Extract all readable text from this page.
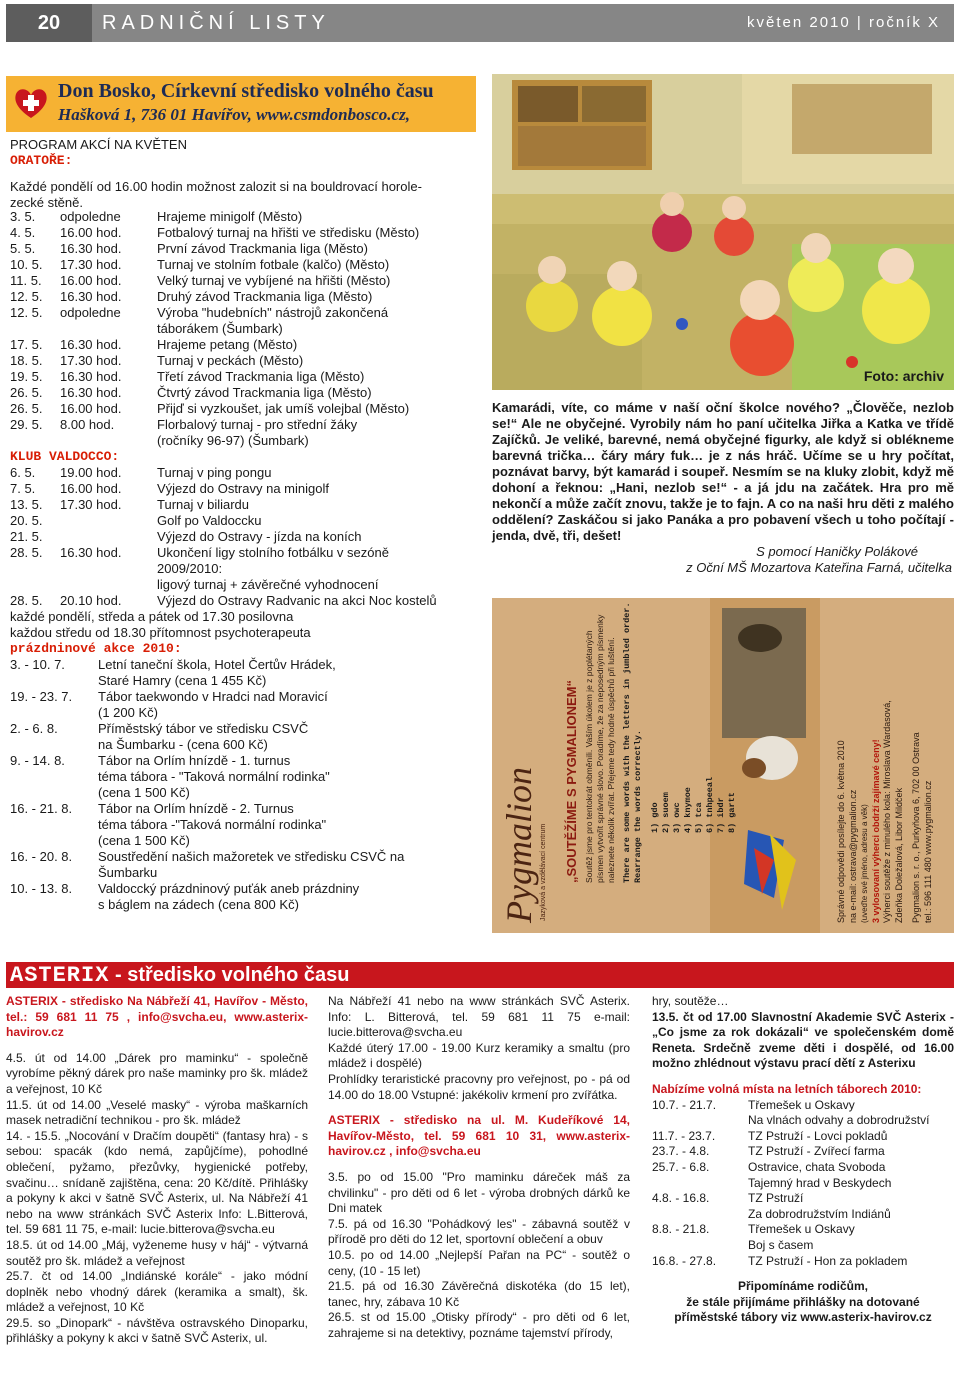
20	RADNIČNÍ LISTY	květen 2010 | ročník X
Don Bosko, Církevní středisko volného času
Hašková 1, 736 01 Havířov, www.csmdonbosco.cz,
PROGRAM AKCÍ NA KVĚTEN
ORATOŘE:
Každé pondělí od 16.00 hodin možnost zalozit si na bouldrovací horole-
zecké stěně.
3. 5. odpoledne	Hrajeme minigolf (Město)
4. 5. 16.00 hod.	Fotbalový turnaj na hřišti ve středisku (Město)
5. 5. 16.30 hod.	První závod Trackmania liga (Město)
10. 5. 17.30 hod.	Turnaj ve stolním fotbale (kalčo) (Město)
11. 5. 16.00 hod.	Velký turnaj ve vybíjené na hřišti (Město)
12. 5. 16.30 hod.	Druhý závod Trackmania liga (Město)
12. 5. odpoledne	Výroba "hudebních" nástrojů zakončená
táborákem (Šumbark)
17. 5. 16.30 hod.	Hrajeme petang (Město)
18. 5. 17.30 hod.	Turnaj v peckách (Město)
19. 5. 16.30 hod.	Třetí závod Trackmania liga (Město)
26. 5. 16.30 hod.	Čtvrtý závod Trackmania liga (Město)
26. 5. 16.00 hod.	Přijď si vyzkoušet, jak umíš volejbal (Město)
29. 5. 8.00 hod.	Florbalový turnaj - pro střední žáky
(ročníky 96-97) (Šumbark)
KLUB VALDOCCO:
6. 5. 19.00 hod.	Turnaj v ping pongu
7. 5. 16.00 hod.	Výjezd do Ostravy na minigolf
13. 5. 17.30 hod.	Turnaj v biliardu
20. 5.	Golf po Valdoccku
21. 5.	Výjezd do Ostravy - jízda na koních
28. 5. 16.30 hod.	Ukončení ligy stolního fotbálku v sezóně
2009/2010:
ligový turnaj + závěrečné vyhodnocení
28. 5. 20.10 hod.	Výjezd do Ostravy Radvanic na akci Noc kostelů
každé pondělí, středa a pátek od 17.30 posilovna
každou středu od 18.30 přítomnost psychoterapeuta
prázdninové akce 2010:
3. - 10. 7.	Letní taneční škola, Hotel Čertův Hrádek,
Staré Hamry (cena 1 455 Kč)
19. - 23. 7. Tábor taekwondo v Hradci nad Moravicí
(1 200 Kč)
2. - 6. 8.	Příměstský tábor ve středisku CSVČ
na Šumbarku - (cena 600 Kč)
9. - 14. 8.	Tábor na Orlím hnízdě - 1. turnus
téma tábora - "Taková normální rodinka"
(cena 1 500 Kč)
16. - 21. 8. Tábor na Orlím hnízdě - 2. Turnus
téma tábora -"Taková normální rodinka"
(cena 1 500 Kč)
16. - 20. 8. Soustředění našich mažoretek ve středisku CSVČ na
Šumbarku
10. - 13. 8. Valdoccký prázdninový puťák aneb prázdniny
s báglem na zádech (cena 800 Kč)
Foto: archiv
Kamarádi, víte, co máme v naší oční školce nového? „Člověče, nezlob se!“ Ale ne obyčejné. Vyrobily nám ho paní učitelka Jiřka a Katka ve třídě Zajíčků. Je veliké, barevné, nemá obyčejné figurky, ale když si oblékneme barevná trička… čáry máry fuk… je z nás hráč. Učíme se u hry počítat, poznávat barvy, být kamarád i soupeř. Nesmím se na kluky zlobit, když mě dohoní a řeknou: „Hani, nezlob se!“ - a já jdu na začátek. Hra pro mě nekončí a může začít znovu, takže je to fajn. A co na naši hru děti z malého oddělení? Zaskáčou si jako Panáka a pro pobavení všech u toho počítají - jenda, dvě, tři, dešet!
S pomocí Haničky Polákové
z Oční MŠ Mozartova Kateřina Farná, učitelka
Pygmalion Jazyková a vzdělávací centrum „SOUTĚŽÍME S PYGMALIONEM“ Soutěž jsme pro tentokrát obměnili. Vaším úkolem je z poplétaných písmen vytvořit správné slovo. Poradíme, že za neposedným písmenky naleznete několik zvířat. Přejeme tedy hodně úspěchů při luštění. There are some words with the letters in jumbled order. Rearrange the words correctly. 1) gdo 2) suoem 3) owc 4) knymoe 5) tca 6) tnhpeeal 7) ibdr 8) gartt	Správné odpovědi posílejte do 6. května 2010 na e-mail: ostrava@pygmalion.cz (uveďte své jméno, adresu a věk) 3 vylosovaní výherci obdrží zajímavé ceny! Výherci soutěže z minulého kola: Miroslava Wardasová, Zdeňka Doležalová, Libor Mildček Pygmalion s. r. o., Purkyňova 6, 702 00 Ostrava tel.: 596 111 480 www.pygmalion.cz
ASTERIX - středisko volného času

ASTERIX - středisko Na Nábřeží 41, Havířov - Město, tel.: 59 681 11 75 , info@svcha.eu, www.asterix-havirov.cz

4.5. út od 14.00 „Dárek pro maminku“ - společně vyrobíme pěkný dárek pro naše maminky pro šk. mládež a veřejnost, 10 Kč

11.5. út od 14.00 „Veselé masky“ - výroba maškarních masek netradiční technikou - pro šk. mládež

14. - 15.5. „Nocování v Dračím doupěti“ (fantasy hra) - s sebou: spacák (kdo nemá, zapůjčíme), pohodlné oblečení, pyžamo, přezůvky, hygienické potřeby, svačinu… snídaně zajištěna, cena: 20 Kč/dítě. Přihlášky a pokyny k akci v šatně SVČ Asterix, ul. Na Nábřeží 41 nebo na www stránkách SVČ Asterix Info: L.Bitterová, tel. 59 681 11 75, e-mail: lucie.bitterova@svcha.eu

18.5. út od 14.00 „Máj, vyženeme husy v háj“ - výtvarná soutěž pro šk. mládež a veřejnost

25.7. čt od 14.00 „Indiánské korále“ - jako módní doplněk nebo vhodný dárek (keramika a smalt), šk. mládež a veřejnost, 10 Kč

29.5. so „Dinopark“ - návštěva ostravského Dinoparku, přihlášky a pokyny k akci v šatně SVČ Asterix, ul.

Na Nábřeží 41 nebo na www stránkách SVČ Asterix. Info: L. Bitterová, tel. 59 681 11 75 e-mail: lucie.bitterova@svcha.eu

Každé úterý 17.00 - 19.00 Kurz keramiky a smaltu (pro mládež i dospělé)

Prohlídky teraristické pracovny pro veřejnost, po - pá od 14.00 do 18.00 Vstupné: jakékoliv krmení pro zvířátka.

ASTERIX - středisko na ul. M. Kudeříkové 14, Havířov-Město, tel. 59 681 10 31, www.asterix-havirov.cz , info@svcha.eu

3.5. po od 15.00 "Pro maminku dáreček máš za chvilinku" - pro děti od 6 let - výroba drobných dárků ke Dni matek

7.5. pá od 16.30 "Pohádkový les" - zábavná soutěž v přírodě pro děti do 12 let, sportovní oblečení a obuv

10.5. po od 14.00 „Nejlepší Pařan na PC“ - soutěž o ceny, (10 - 15 let)

21.5. pá od 16.30 Závěrečná diskotéka (do 15 let), tanec, hry, zábava 10 Kč

26.5. st od 15.00 „Otisky přírody“ - pro děti od 6 let, zahrajeme si na detektivy, poznáme tajemství přírody,

hry, soutěže…

13.5. čt od 17.00 Slavnostní Akademie SVČ Asterix - „Co jsme za rok dokázali“ ve společenském domě Reneta. Srdečně zveme děti i dospělé, od 16.00 možno zhlédnout výstavu prací dětí z Asterixu

Nabízíme volná místa na letních táborech 2010:

10.7. - 21.7.	Třemešek u Oskavy
Na vlnách odvahy a dobrodružství
11.7. - 23.7.	TZ Pstruží - Lovci pokladů
23.7. - 4.8.	TZ Pstruží - Zvířecí farma
25.7. - 6.8.	Ostravice, chata Svoboda
Tajemný hrad v Beskydech
4.8. - 16.8.	TZ Pstruží
Za dobrodružstvím Indiánů
8.8. - 21.8.	Třemešek u Oskavy
Boj s časem
16.8. - 27.8.	TZ Pstruží - Hon za pokladem

Připomínáme rodičům,

že stále přijímáme přihlášky na dotované

příměstské tábory viz www.asterix-havirov.cz
